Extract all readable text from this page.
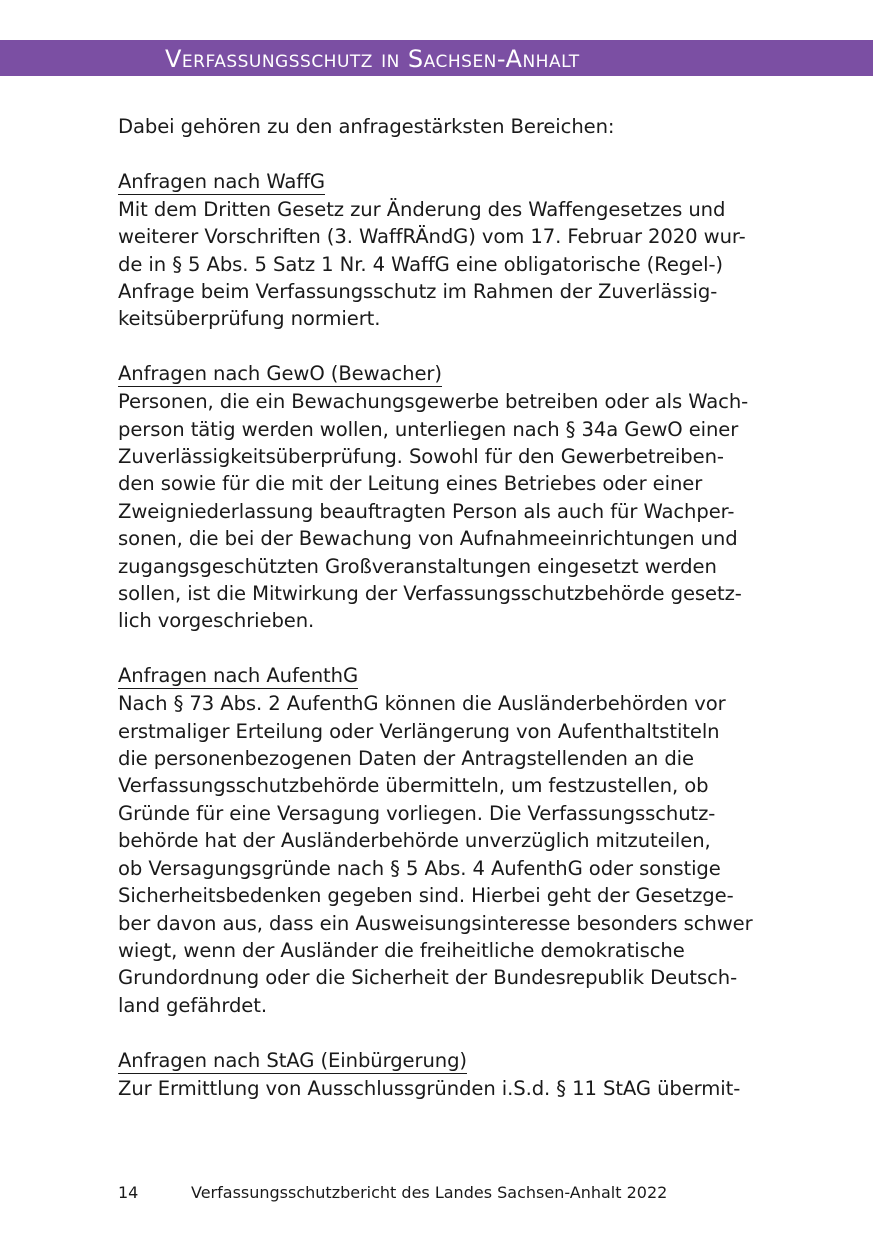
Verfassungsschutz in Sachsen-Anhalt

Dabei gehören zu den anfragestärksten Bereichen:

Anfragen nach WaffG

Mit dem Dritten Gesetz zur Änderung des Waffengesetzes und
weiterer Vorschriften (3. WaffRÄndG) vom 17. Februar 2020 wur-
de in § 5 Abs. 5 Satz 1 Nr. 4 WaffG eine obligatorische (Regel-)
Anfrage beim Verfassungsschutz im Rahmen der Zuverlässig-
keitsüberprüfung normiert.

Anfragen nach GewO (Bewacher)

Personen, die ein Bewachungsgewerbe betreiben oder als Wach-
person tätig werden wollen, unterliegen nach § 34a GewO einer
Zuverlässigkeitsüberprüfung. Sowohl für den Gewerbetreiben-
den sowie für die mit der Leitung eines Betriebes oder einer
Zweigniederlassung beauftragten Person als auch für Wachper-
sonen, die bei der Bewachung von Aufnahmeeinrichtungen und
zugangsgeschützten Großveranstaltungen eingesetzt werden
sollen, ist die Mitwirkung der Verfassungsschutzbehörde gesetz-
lich vorgeschrieben.

Anfragen nach AufenthG

Nach § 73 Abs. 2 AufenthG können die Ausländerbehörden vor
erstmaliger Erteilung oder Verlängerung von Aufenthaltstiteln
die personenbezogenen Daten der Antragstellenden an die
Verfassungsschutzbehörde übermitteln, um festzustellen, ob
Gründe für eine Versagung vorliegen. Die Verfassungsschutz-
behörde hat der Ausländerbehörde unverzüglich mitzuteilen,
ob Versagungsgründe nach § 5 Abs. 4 AufenthG oder sonstige
Sicherheitsbedenken gegeben sind. Hierbei geht der Gesetzge-
ber davon aus, dass ein Ausweisungsinteresse besonders schwer
wiegt, wenn der Ausländer die freiheitliche demokratische
Grundordnung oder die Sicherheit der Bundesrepublik Deutsch-
land gefährdet.

Anfragen nach StAG (Einbürgerung)

Zur Ermittlung von Ausschlussgründen i.S.d. § 11 StAG übermit-

14	Verfassungsschutzbericht des Landes Sachsen-Anhalt 2022
